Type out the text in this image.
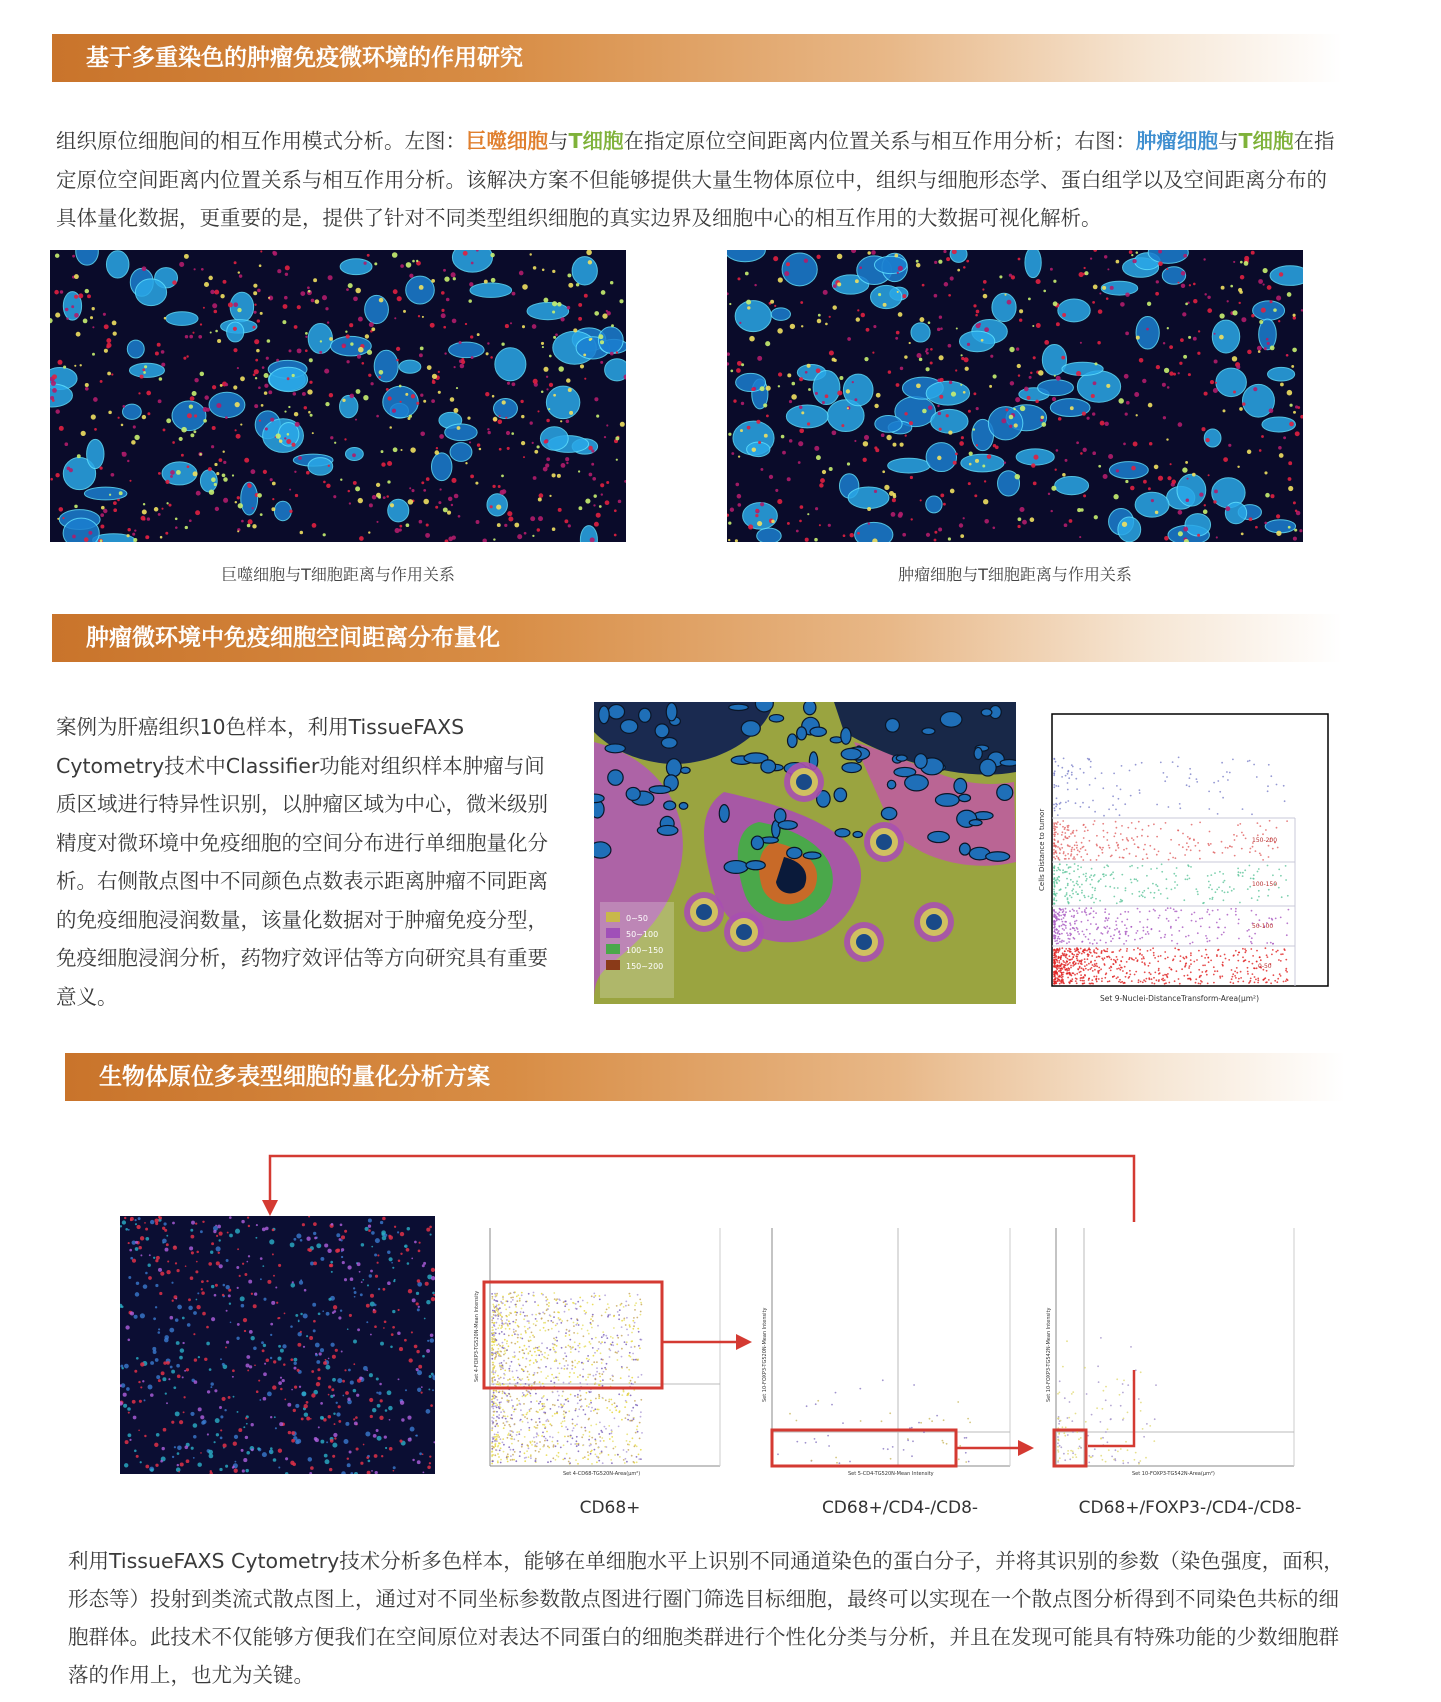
基于多重染色的肿瘤免疫微环境的作用研究

组织原位细胞间的相互作用模式分析。左图：巨噬细胞与T细胞在指定原位空间距离内位置关系与相互作用分析；右图：肿瘤细胞与T细胞在指定原位空间距离内位置关系与相互作用分析。该解决方案不但能够提供大量生物体原位中，组织与细胞形态学、蛋白组学以及空间距离分布的具体量化数据，更重要的是，提供了针对不同类型组织细胞的真实边界及细胞中心的相互作用的大数据可视化解析。

巨噬细胞与T细胞距离与作用关系	肿瘤细胞与T细胞距离与作用关系
肿瘤微环境中免疫细胞空间距离分布量化

案例为肝癌组织10色样本，利用TissueFAXS Cytometry技术中Classifier功能对组织样本肿瘤与间质区域进行特异性识别，以肿瘤区域为中心，微米级别精度对微环境中免疫细胞的空间分布进行单细胞量化分析。右侧散点图中不同颜色点数表示距离肿瘤不同距离的免疫细胞浸润数量，该量化数据对于肿瘤免疫分型，免疫细胞浸润分析，药物疗效评估等方向研究具有重要意义。

0~50
50~100
100~150
150~200
150-200
100-150
50-100
0-50
Cells Distance to tumor
Set 9-Nuclei-DistanceTransform-Area(μm²)
生物体原位多表型细胞的量化分析方案
Set 4-FOXP3-TG520N-Mean Intensity
Set 4-CD68-TG520N-Area(μm²)
Set 10-FOXP3-TG520N-Mean Intensity
Set 5-CD4-TG520N-Mean Intensity
Set 10-FOXP3-TG542N-Mean Intensity
Set 10-FOXP3-TG542N-Area(μm²)
CD68+	CD68+/CD4-/CD8-	CD68+/FOXP3-/CD4-/CD8-

利用TissueFAXS Cytometry技术分析多色样本，能够在单细胞水平上识别不同通道染色的蛋白分子，并将其识别的参数（染色强度，面积，形态等）投射到类流式散点图上，通过对不同坐标参数散点图进行圈门筛选目标细胞，最终可以实现在一个散点图分析得到不同染色共标的细胞群体。此技术不仅能够方便我们在空间原位对表达不同蛋白的细胞类群进行个性化分类与分析，并且在发现可能具有特殊功能的少数细胞群落的作用上，也尤为关键。
